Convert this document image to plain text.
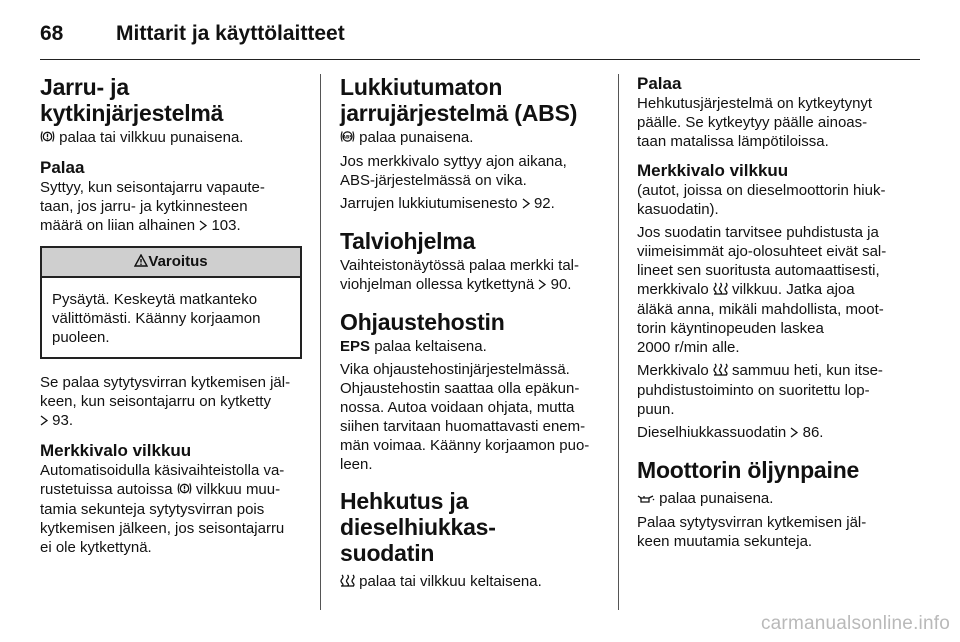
68	Mittarit ja käyttölaitteet
Jarru- ja kytkinjärjestelmä

palaa tai vilkkuu punaisena.

Palaa

Syttyy, kun seisontajarru vapaute-
taan, jos jarru- ja kytkinnesteen
määrä on liian alhainen 103.

Varoitus
Pysäytä. Keskeytä matkanteko
välittömästi. Käänny korjaamon
puoleen.

Se palaa sytytysvirran kytkemisen jäl-
keen, kun seisontajarru on kytketty
93.

Merkkivalo vilkkuu

Automatisoidulla käsivaihteistolla va-
rustetuissa autoissa vilkkuu muu-
tamia sekunteja sytytysvirran pois
kytkemisen jälkeen, jos seisontajarru
ei ole kytkettynä.

Lukkiutumaton
jarrujärjestelmä (ABS)

ABS palaa punaisena.

Jos merkkivalo syttyy ajon aikana,
ABS-järjestelmässä on vika.

Jarrujen lukkiutumisenesto 92.

Talviohjelma

Vaihteistonäytössä palaa merkki tal-
viohjelman ollessa kytkettynä 90.

Ohjaustehostin

EPS palaa keltaisena.

Vika ohjaustehostinjärjestelmässä.
Ohjaustehostin saattaa olla epäkun-
nossa. Autoa voidaan ohjata, mutta
siihen tarvitaan huomattavasti enem-
män voimaa. Käänny korjaamon puo-
leen.

Hehkutus ja dieselhiukkas-
suodatin

palaa tai vilkkuu keltaisena.

Palaa

Hehkutusjärjestelmä on kytkeytynyt
päälle. Se kytkeytyy päälle ainoas-
taan matalissa lämpötiloissa.

Merkkivalo vilkkuu

(autot, joissa on dieselmoottorin hiuk-
kasuodatin).

Jos suodatin tarvitsee puhdistusta ja
viimeisimmät ajo-olosuhteet eivät sal-
lineet sen suoritusta automaattisesti,
merkkivalo vilkkuu. Jatka ajoa
äläkä anna, mikäli mahdollista, moot-
torin käyntinopeuden laskea
2000 r/min alle.

Merkkivalo sammuu heti, kun itse-
puhdistustoiminto on suoritettu lop-
puun.

Dieselhiukkassuodatin 86.

Moottorin öljynpaine

palaa punaisena.

Palaa sytytysvirran kytkemisen jäl-
keen muutamia sekunteja.

carmanualsonline.info
